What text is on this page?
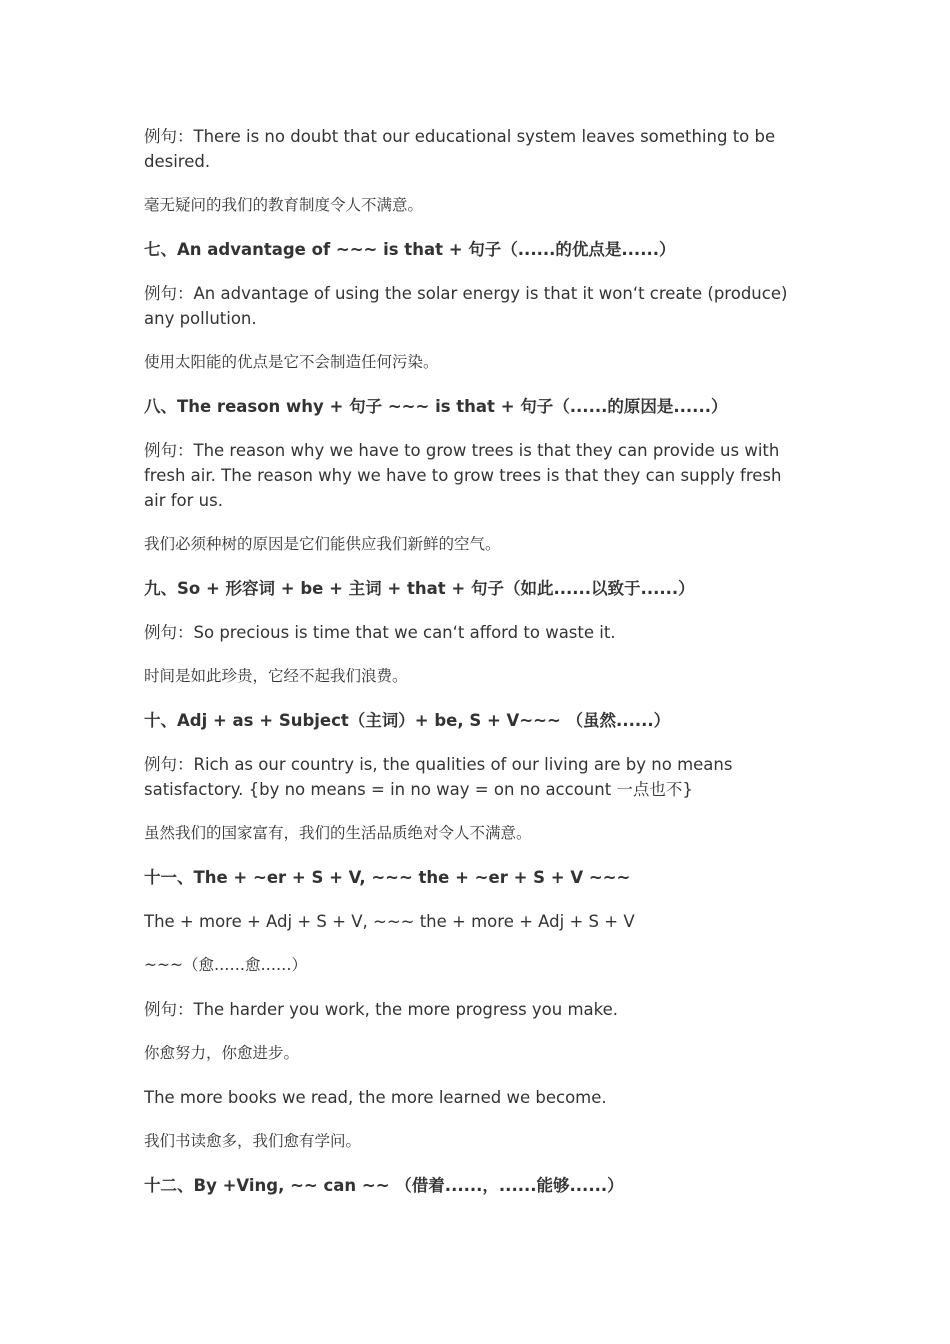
例句：There is no doubt that our educational system leaves something to be desired.

毫无疑问的我们的教育制度令人不满意。

七、An advantage of ~~~ is that + 句子（......的优点是......）

例句：An advantage of using the solar energy is that it won‘t create (produce) any pollution.

使用太阳能的优点是它不会制造任何污染。

八、The reason why + 句子 ~~~ is that + 句子（......的原因是......）

例句：The reason why we have to grow trees is that they can provide us with fresh air. The reason why we have to grow trees is that they can supply fresh air for us.

我们必须种树的原因是它们能供应我们新鲜的空气。

九、So + 形容词 + be + 主词 + that + 句子（如此......以致于......）

例句：So precious is time that we can‘t afford to waste it.

时间是如此珍贵，它经不起我们浪费。

十、Adj + as + Subject（主词）+ be, S + V~~~ （虽然......）

例句：Rich as our country is, the qualities of our living are by no means satisfactory. {by no means = in no way = on no account 一点也不}

虽然我们的国家富有，我们的生活品质绝对令人不满意。

十一、The + ~er + S + V, ~~~ the + ~er + S + V ~~~

The + more + Adj + S + V, ~~~ the + more + Adj + S + V

~~~（愈……愈……）

例句：The harder you work, the more progress you make.

你愈努力，你愈进步。

The more books we read, the more learned we become.

我们书读愈多，我们愈有学问。

十二、By +Ving, ~~ can ~~ （借着......，......能够......）
